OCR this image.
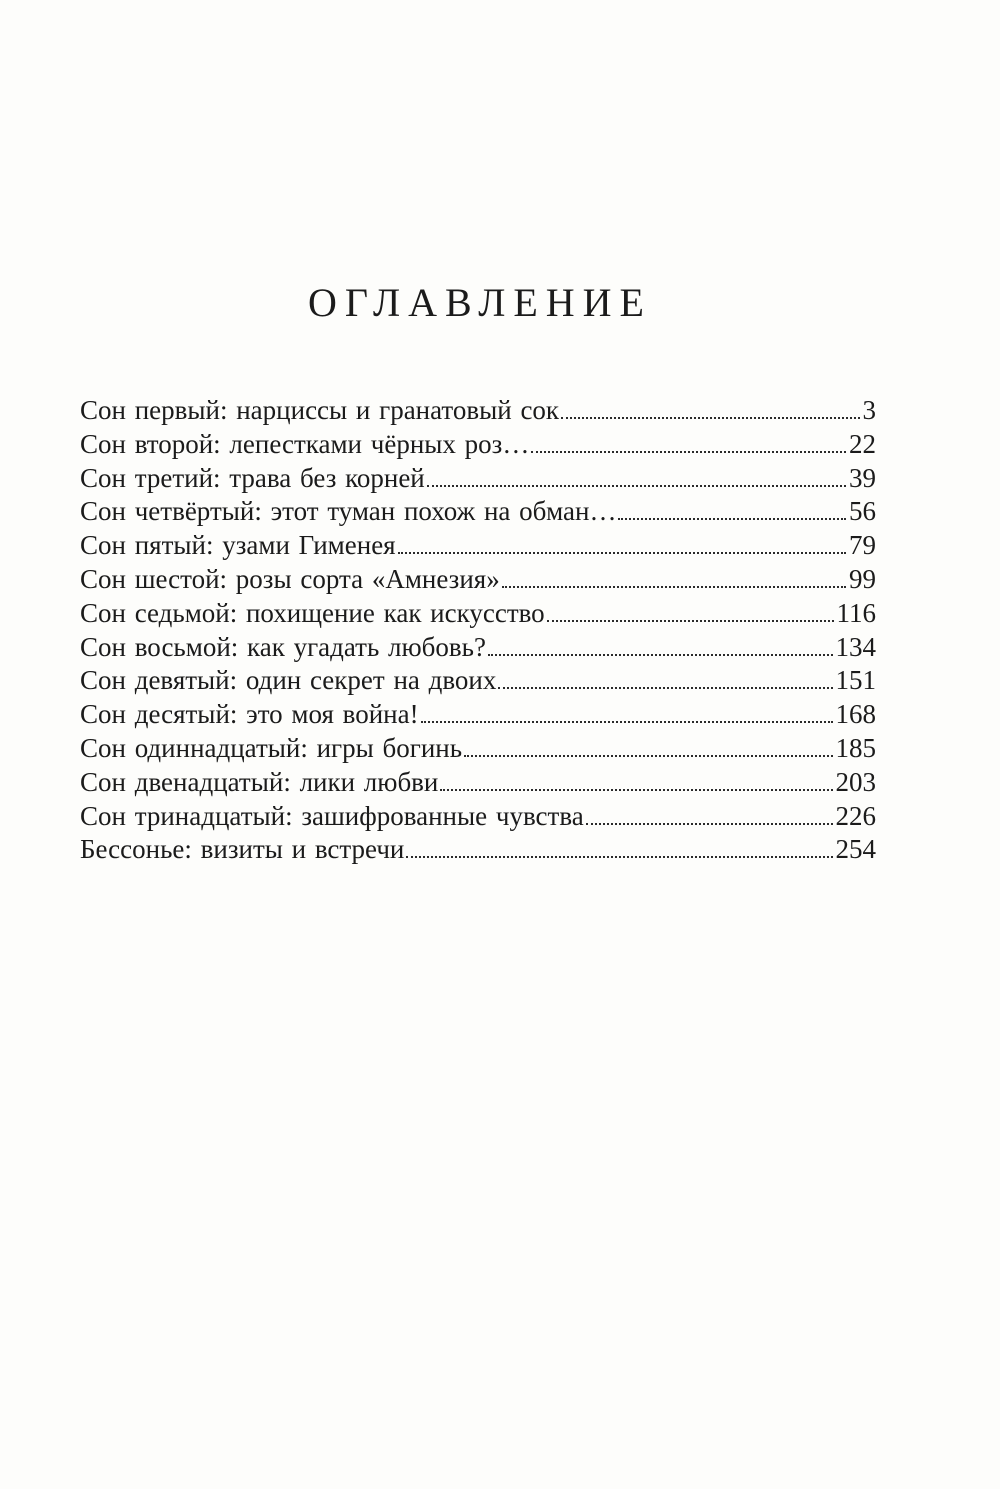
ОГЛАВЛЕНИЕ
Сон первый: нарциссы и гранатовый сок	3
Сон второй: лепестками чёрных роз…	22
Сон третий: трава без корней	39
Сон четвёртый: этот туман похож на обман…	56
Сон пятый: узами Гименея	79
Сон шестой: розы сорта «Амнезия»	99
Сон седьмой: похищение как искусство	116
Сон восьмой: как угадать любовь?	134
Сон девятый: один секрет на двоих	151
Сон десятый: это моя война!	168
Сон одиннадцатый: игры богинь	185
Сон двенадцатый: лики любви	203
Сон тринадцатый: зашифрованные чувства	226
Бессонье: визиты и встречи	254
